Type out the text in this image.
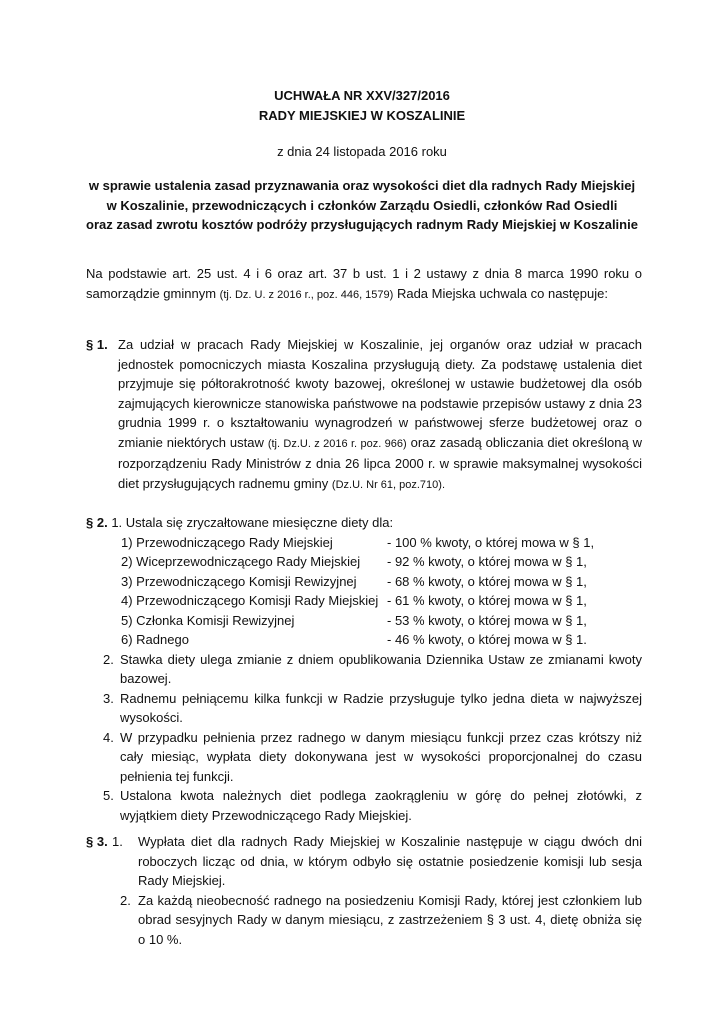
UCHWAŁA NR XXV/327/2016
RADY MIEJSKIEJ W KOSZALINIE
z dnia 24 listopada 2016 roku
w sprawie ustalenia zasad przyznawania oraz wysokości diet dla radnych Rady Miejskiej
w Koszalinie, przewodniczących i członków Zarządu Osiedli, członków Rad Osiedli
oraz zasad zwrotu kosztów podróży przysługujących radnym Rady Miejskiej w Koszalinie
Na podstawie art. 25 ust. 4 i 6 oraz art. 37 b ust. 1 i 2 ustawy z dnia 8 marca 1990 roku o samorządzie gminnym (tj. Dz. U. z 2016 r., poz. 446, 1579) Rada Miejska uchwala co następuje:
§ 1. Za udział w pracach Rady Miejskiej w Koszalinie, jej organów oraz udział w pracach jednostek pomocniczych miasta Koszalina przysługują diety. Za podstawę ustalenia diet przyjmuje się półtorakrotność kwoty bazowej, określonej w ustawie budżetowej dla osób zajmujących kierownicze stanowiska państwowe na podstawie przepisów ustawy z dnia 23 grudnia 1999 r. o kształtowaniu wynagrodzeń w państwowej sferze budżetowej oraz o zmianie niektórych ustaw (tj. Dz.U. z 2016 r. poz. 966) oraz zasadą obliczania diet określoną w rozporządzeniu Rady Ministrów z dnia 26 lipca 2000 r. w sprawie maksymalnej wysokości diet przysługujących radnemu gminy (Dz.U. Nr 61, poz.710).
§ 2. 1. Ustala się zryczałtowane miesięczne diety dla:
1) Przewodniczącego Rady Miejskiej	- 100 % kwoty, o której mowa w § 1,
2) Wiceprzewodniczącego Rady Miejskiej	- 92 % kwoty, o której mowa w § 1,
3) Przewodniczącego Komisji Rewizyjnej	- 68 % kwoty, o której mowa w § 1,
4) Przewodniczącego Komisji Rady Miejskiej	- 61 % kwoty, o której mowa w § 1,
5) Członka Komisji Rewizyjnej	- 53 % kwoty, o której mowa w § 1,
6) Radnego	- 46 % kwoty, o której mowa w § 1.
2. Stawka diety ulega zmianie z dniem opublikowania Dziennika Ustaw ze zmianami kwoty bazowej.
3. Radnemu pełniącemu kilka funkcji w Radzie przysługuje tylko jedna dieta w najwyższej wysokości.
4. W przypadku pełnienia przez radnego w danym miesiącu funkcji przez czas krótszy niż cały miesiąc, wypłata diety dokonywana jest w wysokości proporcjonalnej do czasu pełnienia tej funkcji.
5. Ustalona kwota należnych diet podlega zaokrągleniu w górę do pełnej złotówki, z wyjątkiem diety Przewodniczącego Rady Miejskiej.
§ 3. 1. Wypłata diet dla radnych Rady Miejskiej w Koszalinie następuje w ciągu dwóch dni roboczych licząc od dnia, w którym odbyło się ostatnie posiedzenie komisji lub sesja Rady Miejskiej.
2. Za każdą nieobecność radnego na posiedzeniu Komisji Rady, której jest członkiem lub obrad sesyjnych Rady w danym miesiącu, z zastrzeżeniem § 3 ust. 4, dietę obniża się o 10 %.
